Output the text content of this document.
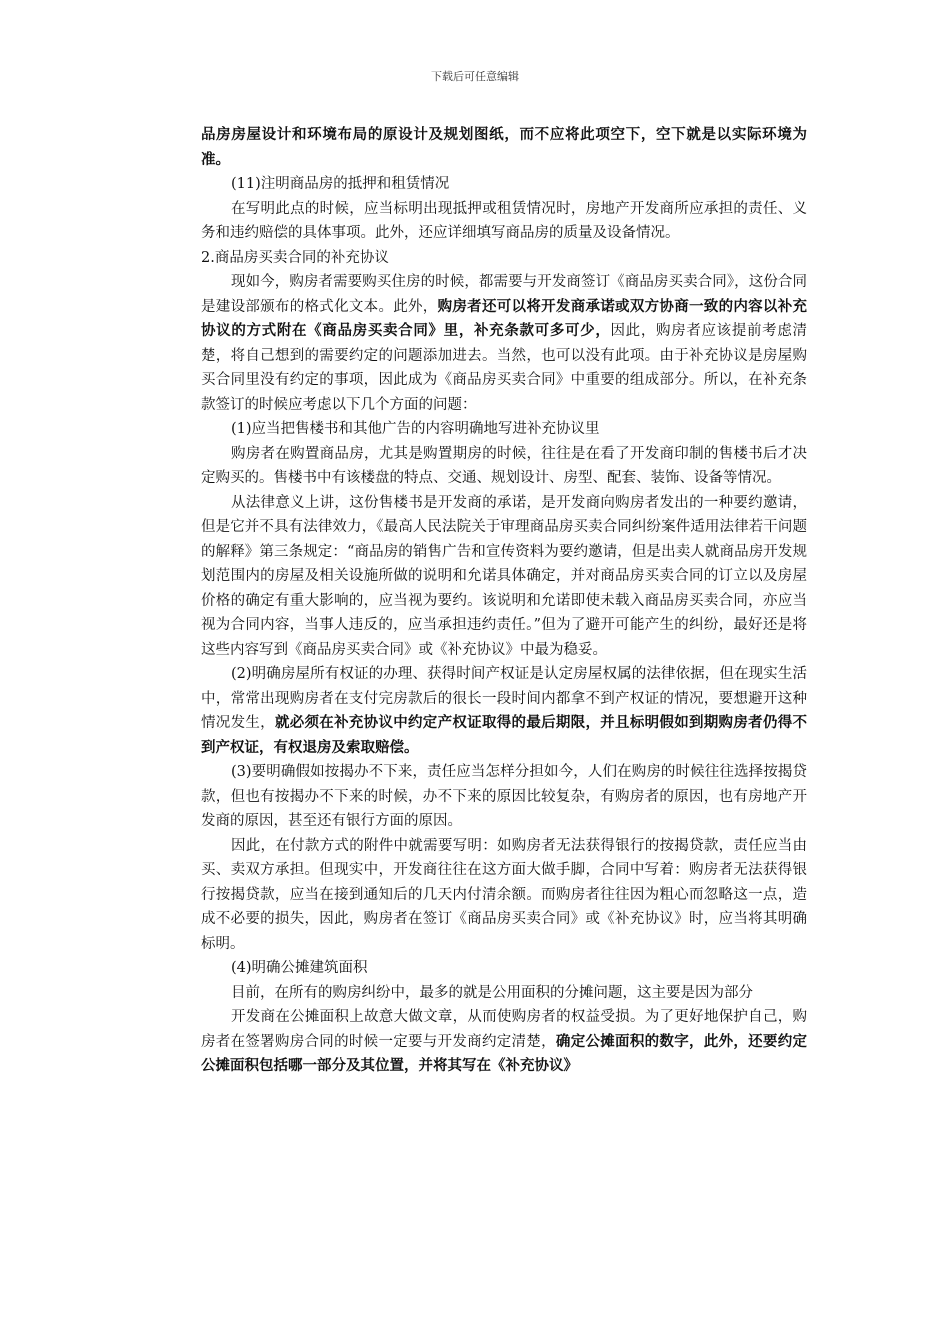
下载后可任意编辑

品房房屋设计和环境布局的原设计及规划图纸，而不应将此项空下，空下就是以实际环境为准。

(11)注明商品房的抵押和租赁情况

在写明此点的时候，应当标明出现抵押或租赁情况时，房地产开发商所应承担的责任、义务和违约赔偿的具体事项。此外，还应详细填写商品房的质量及设备情况。

2.商品房买卖合同的补充协议

现如今，购房者需要购买住房的时候，都需要与开发商签订《商品房买卖合同》，这份合同是建设部颁布的格式化文本。此外，购房者还可以将开发商承诺或双方协商一致的内容以补充协议的方式附在《商品房买卖合同》里，补充条款可多可少，因此，购房者应该提前考虑清楚，将自己想到的需要约定的问题添加进去。当然，也可以没有此项。由于补充协议是房屋购买合同里没有约定的事项，因此成为《商品房买卖合同》中重要的组成部分。所以，在补充条款签订的时候应考虑以下几个方面的问题：

(1)应当把售楼书和其他广告的内容明确地写进补充协议里

购房者在购置商品房，尤其是购置期房的时候，往往是在看了开发商印制的售楼书后才决定购买的。售楼书中有该楼盘的特点、交通、规划设计、房型、配套、装饰、设备等情况。

从法律意义上讲，这份售楼书是开发商的承诺，是开发商向购房者发出的一种要约邀请，但是它并不具有法律效力，《最高人民法院关于审理商品房买卖合同纠纷案件适用法律若干问题的解释》第三条规定：“商品房的销售广告和宣传资料为要约邀请，但是出卖人就商品房开发规划范围内的房屋及相关设施所做的说明和允诺具体确定，并对商品房买卖合同的订立以及房屋价格的确定有重大影响的，应当视为要约。该说明和允诺即使未载入商品房买卖合同，亦应当视为合同内容，当事人违反的，应当承担违约责任。”但为了避开可能产生的纠纷，最好还是将这些内容写到《商品房买卖合同》或《补充协议》中最为稳妥。

(2)明确房屋所有权证的办理、获得时间产权证是认定房屋权属的法律依据，但在现实生活中，常常出现购房者在支付完房款后的很长一段时间内都拿不到产权证的情况，要想避开这种情况发生，就必须在补充协议中约定产权证取得的最后期限，并且标明假如到期购房者仍得不到产权证，有权退房及索取赔偿。

(3)要明确假如按揭办不下来，责任应当怎样分担如今，人们在购房的时候往往选择按揭贷款，但也有按揭办不下来的时候，办不下来的原因比较复杂，有购房者的原因，也有房地产开发商的原因，甚至还有银行方面的原因。

因此，在付款方式的附件中就需要写明：如购房者无法获得银行的按揭贷款，责任应当由买、卖双方承担。但现实中，开发商往往在这方面大做手脚，合同中写着：购房者无法获得银行按揭贷款，应当在接到通知后的几天内付清余额。而购房者往往因为粗心而忽略这一点，造成不必要的损失，因此，购房者在签订《商品房买卖合同》或《补充协议》时，应当将其明确标明。

(4)明确公摊建筑面积

目前，在所有的购房纠纷中，最多的就是公用面积的分摊问题，这主要是因为部分

开发商在公摊面积上故意大做文章，从而使购房者的权益受损。为了更好地保护自己，购房者在签署购房合同的时候一定要与开发商约定清楚，确定公摊面积的数字，此外，还要约定公摊面积包括哪一部分及其位置，并将其写在《补充协议》
